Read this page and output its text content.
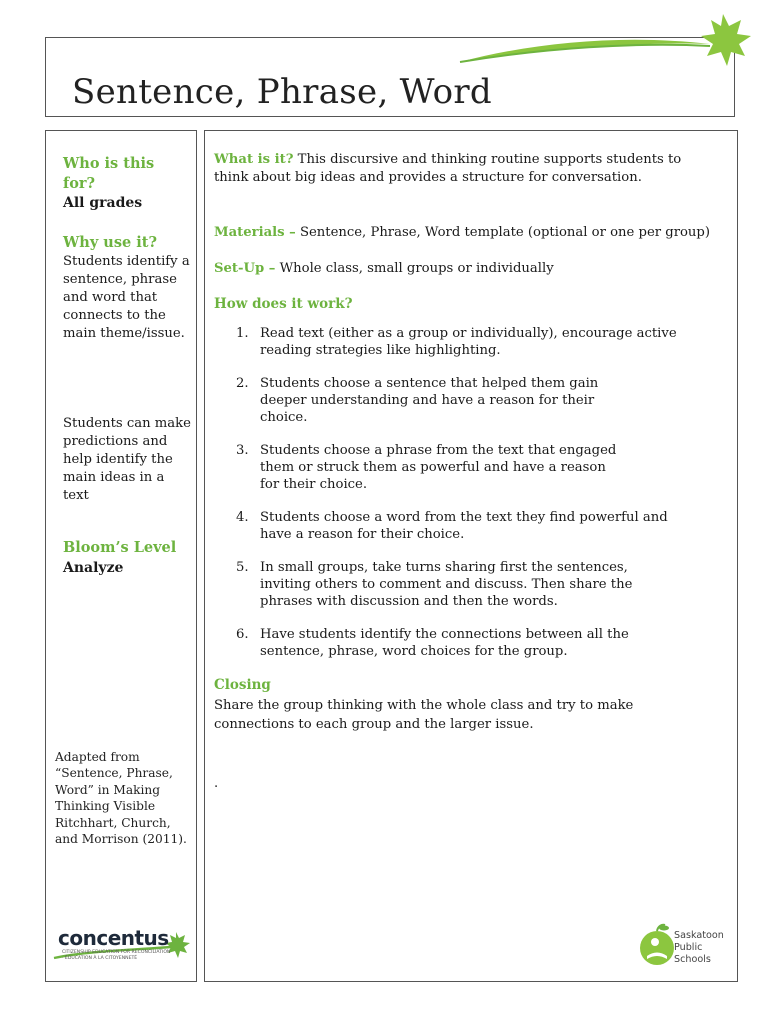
Sentence, Phrase, Word
Who is this for?
All grades
Why use it?
Students identify a sentence, phrase and word that connects to the main theme/issue.
Students can make predictions and help identify the main ideas in a text
Bloom’s Level
Analyze
Adapted from “Sentence, Phrase, Word” in Making Thinking Visible Ritchhart, Church, and Morrison (2011).
What is it? This discursive and thinking routine supports students to think about big ideas and provides a structure for conversation.
Materials – Sentence, Phrase, Word template (optional or one per group)
Set-Up – Whole class, small groups or individually
How does it work?
1. Read text (either as a group or individually), encourage active reading strategies like highlighting.
2. Students choose a sentence that helped them gain deeper understanding and have a reason for their choice.
3. Students choose a phrase from the text that engaged them or struck them as powerful and have a reason for their choice.
4. Students choose a word from the text they find powerful and have a reason for their choice.
5. In small groups, take turns sharing first the sentences, inviting others to comment and discuss. Then share the phrases with discussion and then the words.
6. Have students identify the connections between all the sentence, phrase, word choices for the group.
Closing
Share the group thinking with the whole class and try to make connections to each group and the larger issue.
.
concentus
CITIZENSHIP EDUCATION FOR RECONCILIATION · ÉDUCATION À LA CITOYENNETÉ
Saskatoon Public Schools
